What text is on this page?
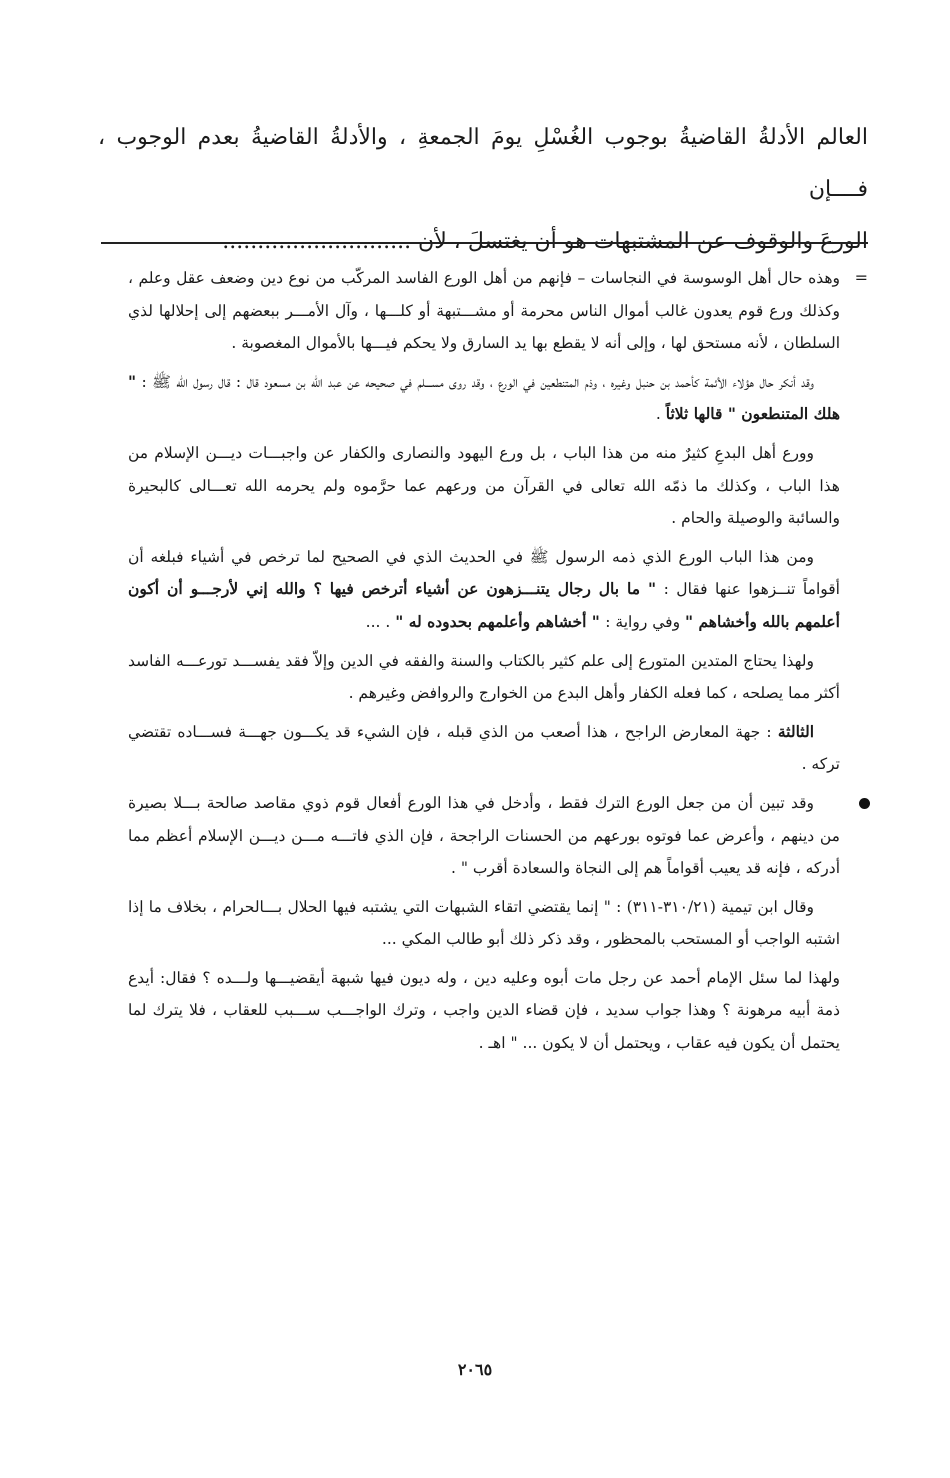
العالم الأدلةُ القاضيةُ بوجوب الغُسْلِ يومَ الجمعةِ ، والأدلةُ القاضيةُ بعدم الوجوب ، فــــإن

الورعَ والوقوف عن المشتبهات هو أن يغتسلَ ، لأن ...........................

=
وهذه حال أهل الوسوسة في النجاسات – فإنهم من أهل الورع الفاسد المركّب من نوع دين وضعف عقل وعلم ، وكذلك ورع قوم يعدون غالب أموال الناس محرمة أو مشـــتبهة أو كلـــها ، وآل الأمـــر ببعضهم إلى إحلالها لذي السلطان ، لأنه مستحق لها ، وإلى أنه لا يقطع بها يد السارق ولا يحكم فيـــها بالأموال المغصوبة .

وقد أنكر حال هؤلاء الأئمة كأحمد بن حنبل وغيره ، وذم المتنطعين في الورع ، وقد روى مســـلم في صحيحه عن عبد الله بن مسعود قال : قال رسول الله ﷺ : " هلك المتنطعون " قالها ثلاثاً .

وورع أهل البدعِ كثيرٌ منه من هذا الباب ، بل ورع اليهود والنصارى والكفار عن واجبـــات ديـــن الإسلام من هذا الباب ، وكذلك ما ذمّه الله تعالى في القرآن من ورعهم عما حرَّموه ولم يحرمه الله تعـــالى كالبحيرة والسائبة والوصيلة والحام .

ومن هذا الباب الورع الذي ذمه الرسول ﷺ في الحديث الذي في الصحيح لما ترخص في أشياء فبلغه أن أقواماً تنــزهوا عنها فقال : " ما بال رجال يتنـــزهون عن أشياء أترخص فيها ؟ والله إني لأرجـــو أن أكون أعلمهم بالله وأخشاهم " وفي رواية : " أخشاهم وأعلمهم بحدوده له " . ...

ولهذا يحتاج المتدين المتورع إلى علم كثير بالكتاب والسنة والفقه في الدين وإلاّ فقد يفســـد تورعـــه الفاسد أكثر مما يصلحه ، كما فعله الكفار وأهل البدع من الخوارج والروافض وغيرهم .

الثالثة : جهة المعارض الراجح ، هذا أصعب من الذي قبله ، فإن الشيء قد يكـــون جهـــة فســـاده تقتضي تركه .

وقد تبين أن من جعل الورع الترك فقط ، وأدخل في هذا الورع أفعال قوم ذوي مقاصد صالحة بـــلا بصيرة من دينهم ، وأعرض عما فوتوه بورعهم من الحسنات الراجحة ، فإن الذي فاتـــه مـــن ديـــن الإسلام أعظم مما أدركه ، فإنه قد يعيب أقواماً هم إلى النجاة والسعادة أقرب " .

وقال ابن تيمية (٣١٠/٢١-٣١١) : " إنما يقتضي اتقاء الشبهات التي يشتبه فيها الحلال بـــالحرام ، بخلاف ما إذا اشتبه الواجب أو المستحب بالمحظور ، وقد ذكر ذلك أبو طالب المكي ...

ولهذا لما سئل الإمام أحمد عن رجل مات أبوه وعليه دين ، وله ديون فيها شبهة أيقضيـــها ولـــده ؟ فقال: أيدع ذمة أبيه مرهونة ؟ وهذا جواب سديد ، فإن قضاء الدين واجب ، وترك الواجـــب ســـبب للعقاب ، فلا يترك لما يحتمل أن يكون فيه عقاب ، ويحتمل أن لا يكون ... " اهـ .

٢٠٦٥
